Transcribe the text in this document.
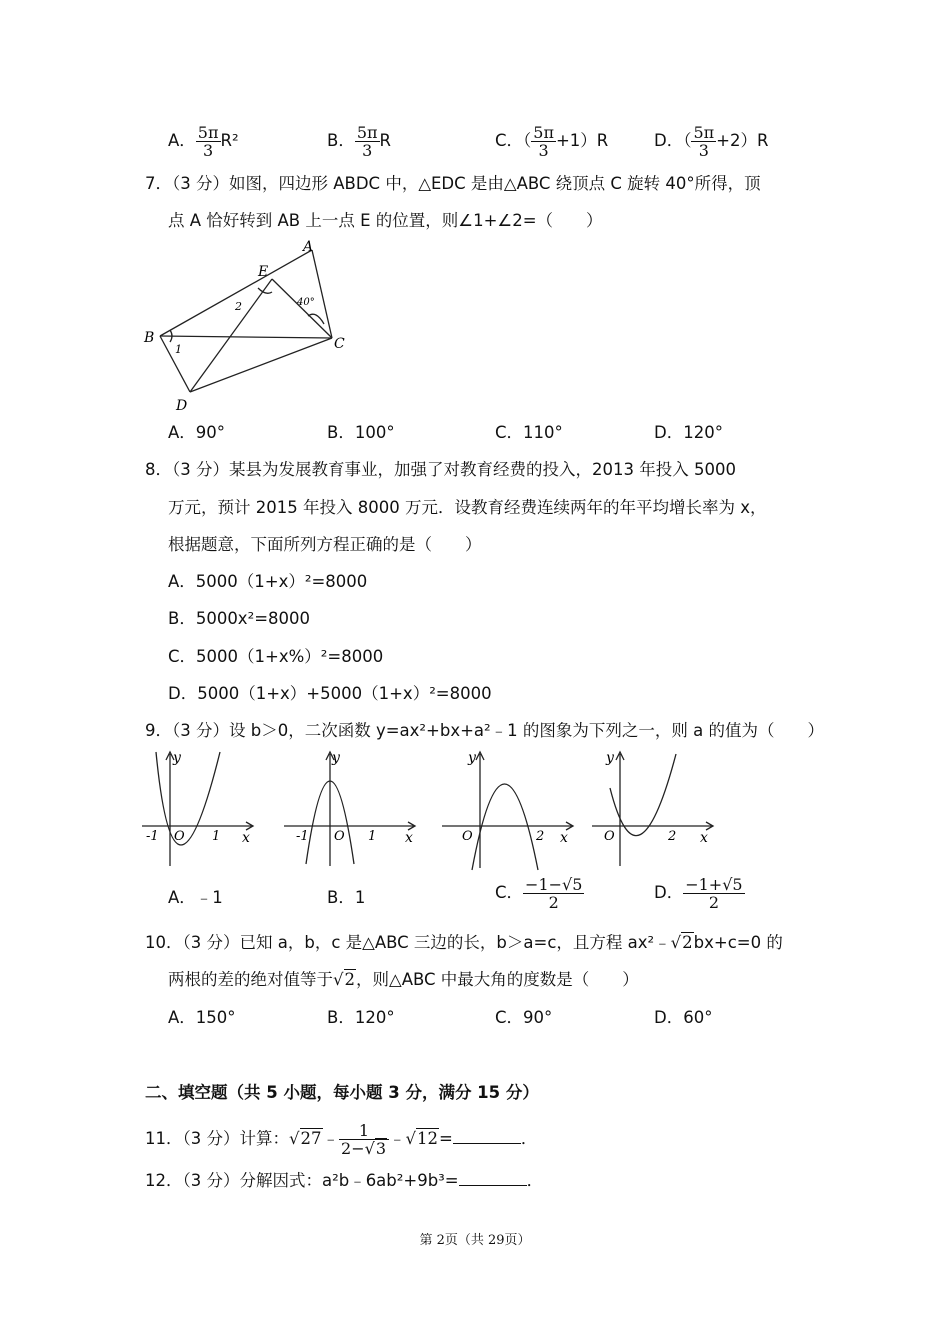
A． $\frac{5\pi}{3} R^2$	B． $\frac{5\pi}{3}$ R	C．（ $\frac{5\pi}{3} +1)R$	D．（ $\frac{5\pi}{3} +2)R$
7．（3 分）如图，四边形 ABDC 中，△EDC 是由△ABC 绕顶点 C 旋转 40°所得，顶
点 A 恰好转到 AB 上一点 E 的位置，则∠1+∠2=（　　）
A
E
B	C
D
1
2	40°
A．90°	B．100°	C．110°	D．120°
8．（3 分）某县为发展教育事业，加强了对教育经费的投入，2013 年投入 5000
万元，预计 2015 年投入 8000 万元．设教育经费连续两年的年平均增长率为 x，
根据题意，下面所列方程正确的是（　　）
A．5000（1+x）²=8000
B．5000x²=8000
C．5000（1+x%）²=8000
D．5000（1+x）+5000（1+x）²=8000
9．（3 分）设 b＞0，二次函数 y=ax²+bx+a²﹣1 的图象为下列之一，则 a 的值为（　　）
y
x
O
-1	1
y
x
O
-1	1
y
x
O	2
y
x
O	2
A．﹣1	B．1	C． $\frac{-1-√5}{2}$	D． $\frac{-1+√5}{2}$
10．（3 分）已知 a，b，c 是△ABC 三边的长，b＞a=c，且方程 ax²﹣√2bx+c=0 的
两根的差的绝对值等于√2，则△ABC 中最大角的度数是（　　）
A．150°	B．120°	C．90°	D．60°
二、填空题（共 5 小题，每小题 3 分，满分 15 分）
11．（3 分）计算：√27﹣ $\frac{1}{2-√3}$ ﹣√12=	．
12．（3 分）分解因式：a²b﹣6ab²+9b³=	．
第 2页（共 29页）
